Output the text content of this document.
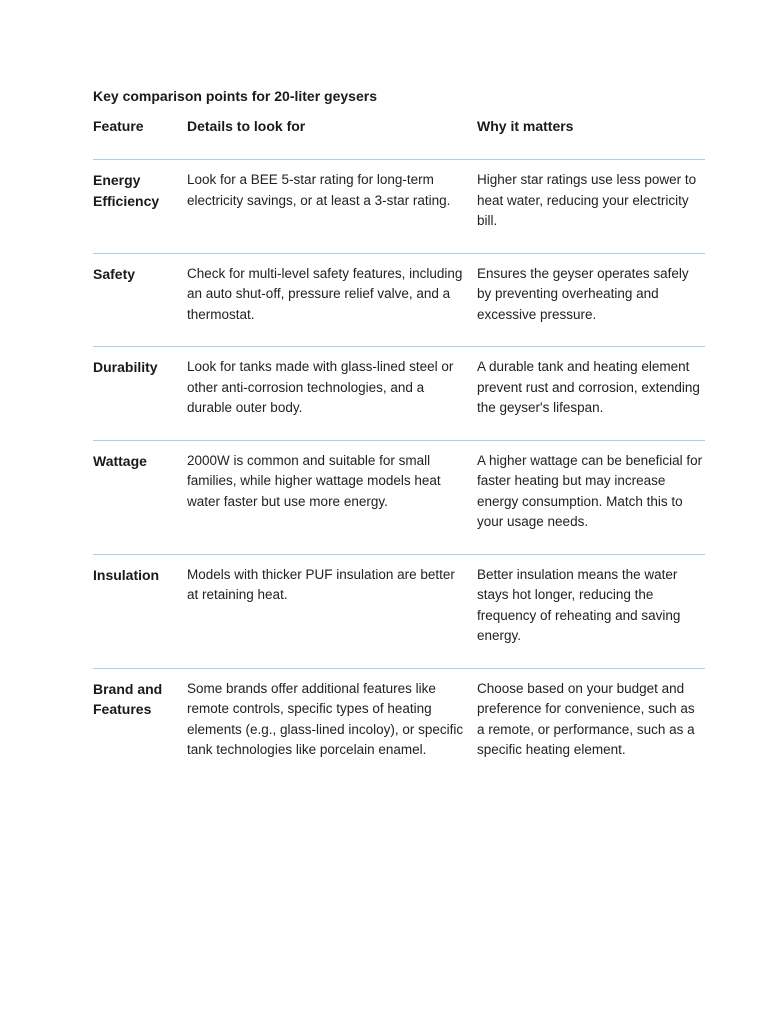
Key comparison points for 20-liter geysers

Feature	Details to look for	Why it matters
Energy Efficiency	Look for a BEE 5-star rating for long-term electricity savings, or at least a 3-star rating.	Higher star ratings use less power to heat water, reducing your electricity bill.
Safety	Check for multi-level safety features, including an auto shut-off, pressure relief valve, and a thermostat.	Ensures the geyser operates safely by preventing overheating and excessive pressure.
Durability	Look for tanks made with glass-lined steel or other anti-corrosion technologies, and a durable outer body.	A durable tank and heating element prevent rust and corrosion, extending the geyser's lifespan.
Wattage	2000W is common and suitable for small families, while higher wattage models heat water faster but use more energy.	A higher wattage can be beneficial for faster heating but may increase energy consumption. Match this to your usage needs.
Insulation	Models with thicker PUF insulation are better at retaining heat.	Better insulation means the water stays hot longer, reducing the frequency of reheating and saving energy.
Brand and Features	Some brands offer additional features like remote controls, specific types of heating elements (e.g., glass-lined incoloy), or specific tank technologies like porcelain enamel.	Choose based on your budget and preference for convenience, such as a remote, or performance, such as a specific heating element.
